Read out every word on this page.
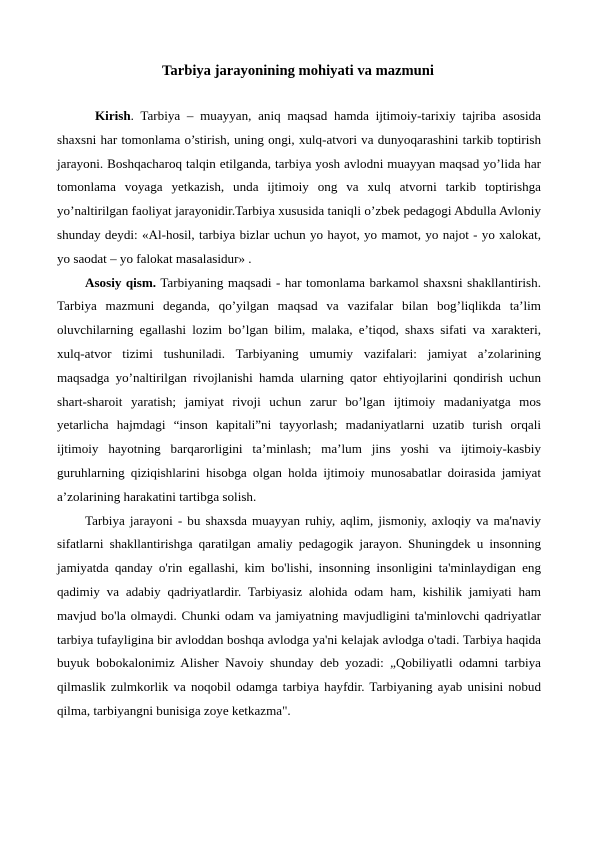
Tarbiya jarayonining mohiyati va mazmuni

Kirish. Tarbiya – muayyan, aniq maqsad hamda ijtimoiy-tarixiy tajriba asosida shaxsni har tomonlama o’stirish, uning ongi, xulq-atvori va dunyoqarashini tarkib toptirish jarayoni. Boshqacharoq talqin etilganda, tarbiya yosh avlodni muayyan maqsad yo’lida har tomonlama voyaga yetkazish, unda ijtimoiy ong va xulq atvorni tarkib toptirishga yo’naltirilgan faoliyat jarayonidir.Tarbiya xususida taniqli o’zbek pedagogi Abdulla Avloniy shunday deydi: «Al-hosil, tarbiya bizlar uchun yo hayot, yo mamot, yo najot - yo xalokat, yo saodat – yo falokat masalasidur» .

Asosiy qism. Tarbiyaning maqsadi - har tomonlama barkamol shaxsni shakllantirish. Tarbiya mazmuni deganda, qo’yilgan maqsad va vazifalar bilan bog’liqlikda ta’lim oluvchilarning egallashi lozim bo’lgan bilim, malaka, e’tiqod, shaxs sifati va xarakteri, xulq-atvor tizimi tushuniladi. Tarbiyaning umumiy vazifalari: jamiyat a’zolarining maqsadga yo’naltirilgan rivojlanishi hamda ularning qator ehtiyojlarini qondirish uchun shart-sharoit yaratish; jamiyat rivoji uchun zarur bo’lgan ijtimoiy madaniyatga mos yetarlicha hajmdagi “inson kapitali”ni tayyorlash; madaniyatlarni uzatib turish orqali ijtimoiy hayotning barqarorligini ta’minlash; ma’lum jins yoshi va ijtimoiy-kasbiy guruhlarning qiziqishlarini hisobga olgan holda ijtimoiy munosabatlar doirasida jamiyat a’zolarining harakatini tartibga solish.

Tarbiya jarayoni - bu shaxsda muayyan ruhiy, aqlim, jismoniy, axloqiy va ma'naviy sifatlarni shakllantirishga qaratilgan amaliy pedagogik jarayon. Shuningdek u insonning jamiyatda qanday o'rin egallashi, kim bo'lishi, insonning insonligini ta'minlaydigan eng qadimiy va adabiy qadriyatlardir. Tarbiyasiz alohida odam ham, kishilik jamiyati ham mavjud bo'la olmaydi. Chunki odam va jamiyatning mavjudligini ta'minlovchi qadriyatlar tarbiya tufayligina bir avloddan boshqa avlodga ya'ni kelajak avlodga o'tadi. Tarbiya haqida buyuk bobokalonimiz Alisher Navoiy shunday deb yozadi: „Qobiliyatli odamni tarbiya qilmaslik zulmkorlik va noqobil odamga tarbiya hayfdir. Tarbiyaning ayab unisini nobud qilma, tarbiyangni bunisiga zoye ketkazma".
